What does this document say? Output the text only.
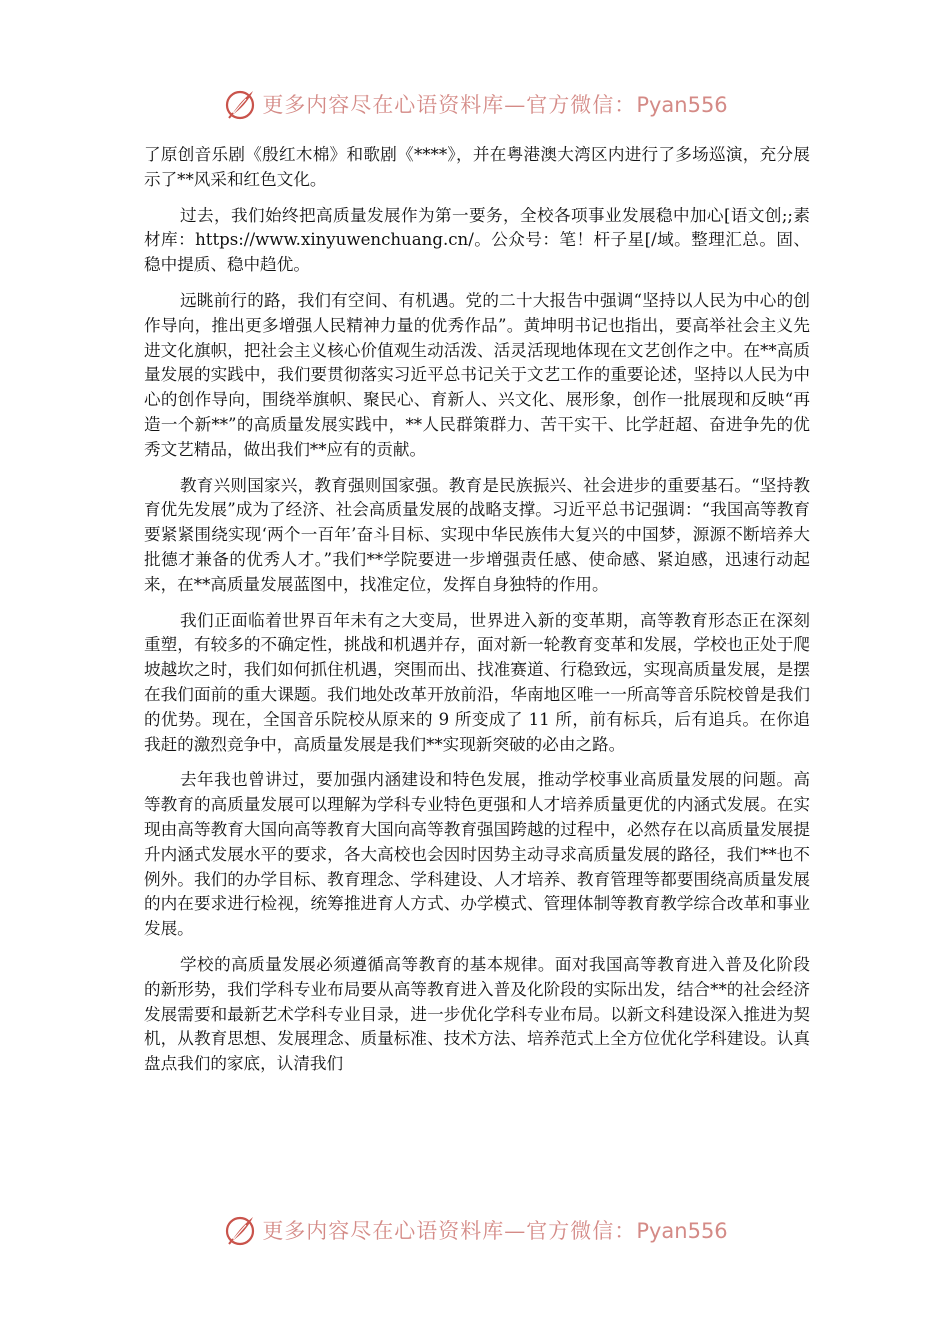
更多内容尽在心语资料库—官方微信：Pyan556

了原创音乐剧《殷红木棉》和歌剧《****》，并在粤港澳大湾区内进行了多场巡演，充分展示了**风采和红色文化。

过去，我们始终把高质量发展作为第一要务，全校各项事业发展稳中加心[语文创;;素材库：https://www.xinyuwenchuang.cn/。公众号：笔！杆子星[/域。整理汇总。固、稳中提质、稳中趋优。

远眺前行的路，我们有空间、有机遇。党的二十大报告中强调“坚持以人民为中心的创作导向，推出更多增强人民精神力量的优秀作品”。黄坤明书记也指出，要高举社会主义先进文化旗帜，把社会主义核心价值观生动活泼、活灵活现地体现在文艺创作之中。在**高质量发展的实践中，我们要贯彻落实习近平总书记关于文艺工作的重要论述，坚持以人民为中心的创作导向，围绕举旗帜、聚民心、育新人、兴文化、展形象，创作一批展现和反映“再造一个新**”的高质量发展实践中，**人民群策群力、苦干实干、比学赶超、奋进争先的优秀文艺精品，做出我们**应有的贡献。

教育兴则国家兴，教育强则国家强。教育是民族振兴、社会进步的重要基石。“坚持教育优先发展”成为了经济、社会高质量发展的战略支撑。习近平总书记强调：“我国高等教育要紧紧围绕实现‘两个一百年’奋斗目标、实现中华民族伟大复兴的中国梦，源源不断培养大批德才兼备的优秀人才。”我们**学院要进一步增强责任感、使命感、紧迫感，迅速行动起来，在**高质量发展蓝图中，找准定位，发挥自身独特的作用。

我们正面临着世界百年未有之大变局，世界进入新的变革期，高等教育形态正在深刻重塑，有较多的不确定性，挑战和机遇并存，面对新一轮教育变革和发展，学校也正处于爬坡越坎之时，我们如何抓住机遇，突围而出、找准赛道、行稳致远，实现高质量发展，是摆在我们面前的重大课题。我们地处改革开放前沿，华南地区唯一一所高等音乐院校曾是我们的优势。现在，全国音乐院校从原来的 9 所变成了 11 所，前有标兵，后有追兵。在你追我赶的激烈竞争中，高质量发展是我们**实现新突破的必由之路。

去年我也曾讲过，要加强内涵建设和特色发展，推动学校事业高质量发展的问题。高等教育的高质量发展可以理解为学科专业特色更强和人才培养质量更优的内涵式发展。在实现由高等教育大国向高等教育大国向高等教育强国跨越的过程中，必然存在以高质量发展提升内涵式发展水平的要求，各大高校也会因时因势主动寻求高质量发展的路径，我们**也不例外。我们的办学目标、教育理念、学科建设、人才培养、教育管理等都要围绕高质量发展的内在要求进行检视，统筹推进育人方式、办学模式、管理体制等教育教学综合改革和事业发展。

学校的高质量发展必须遵循高等教育的基本规律。面对我国高等教育进入普及化阶段的新形势，我们学科专业布局要从高等教育进入普及化阶段的实际出发，结合**的社会经济发展需要和最新艺术学科专业目录，进一步优化学科专业布局。以新文科建设深入推进为契机，从教育思想、发展理念、质量标准、技术方法、培养范式上全方位优化学科建设。认真盘点我们的家底，认清我们

更多内容尽在心语资料库—官方微信：Pyan556
